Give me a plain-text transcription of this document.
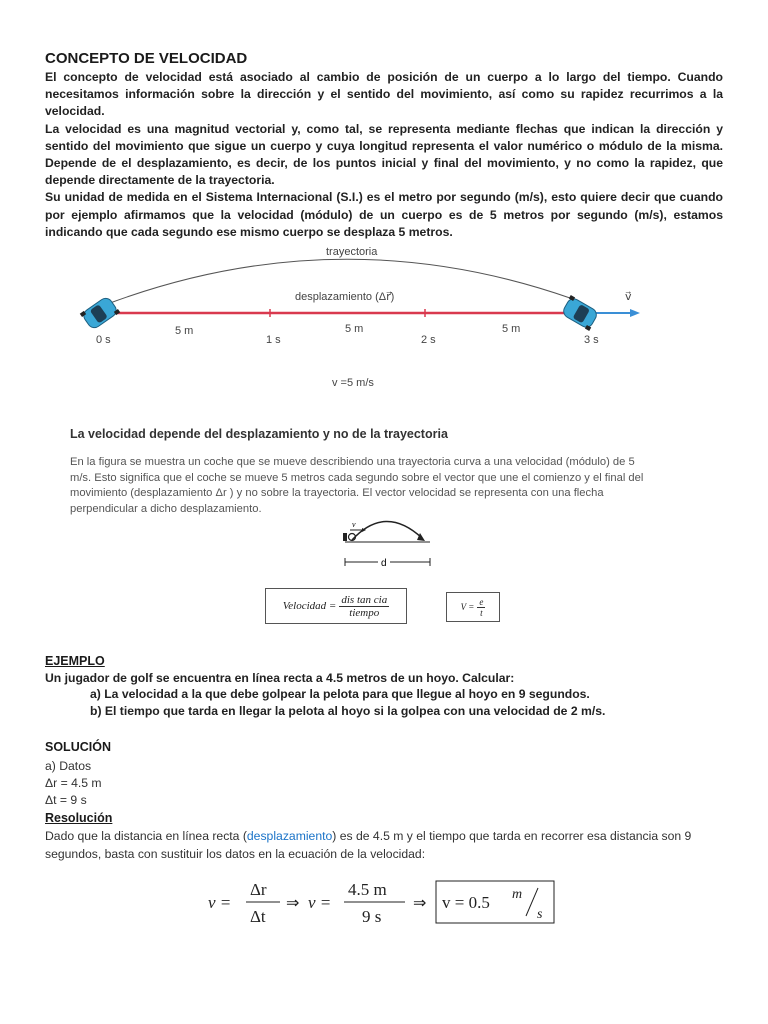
CONCEPTO DE VELOCIDAD

El concepto de velocidad está asociado al cambio de posición de un cuerpo a lo largo del tiempo. Cuando necesitamos información sobre la dirección y el sentido del movimiento, así como su rapidez recurrimos a la velocidad.

La velocidad es una magnitud vectorial y, como tal, se representa mediante flechas que indican la dirección y sentido del movimiento que sigue un cuerpo y cuya longitud representa el valor numérico o módulo de la misma. Depende de el desplazamiento, es decir, de los puntos inicial y final del movimiento, y no como la rapidez, que depende directamente de la trayectoria.

Su unidad de medida en el Sistema Internacional (S.I.) es el metro por segundo (m/s), esto quiere decir que cuando por ejemplo afirmamos que la velocidad (módulo) de un cuerpo es de 5 metros por segundo (m/s), estamos indicando que cada segundo ese mismo cuerpo se desplaza 5 metros.

trayectoria
desplazamiento (Δr⃗)	v⃗
5 m	5 m	5 m
0 s	1 s	2 s	3 s
v =5 m/s
La velocidad depende del desplazamiento y no de la trayectoria

En la figura se muestra un coche que se mueve describiendo una trayectoria curva a una velocidad (módulo) de 5 m/s. Esto significa que el coche se mueve 5 metros cada segundo sobre el vector que une el comienzo y el final del movimiento (desplazamiento Δr ) y no sobre la trayectoria. El vector velocidad se representa con una flecha perpendicular a dicho desplazamiento.

v
d
Velocidad = $\frac{\text{dis tan cia}}{\text{tiempo}}$	$V = \frac{e}{t}$
EJEMPLO

Un jugador de golf se encuentra en línea recta a 4.5 metros de un hoyo. Calcular:

a) La velocidad a la que debe golpear la pelota para que llegue al hoyo en 9 segundos.

b) El tiempo que tarda en llegar la pelota al hoyo si la golpea con una velocidad de 2 m/s.

SOLUCIÓN

a) Datos

Δr = 4.5 m

Δt = 9 s

Resolución

Dado que la distancia en línea recta (desplazamiento) es de 4.5 m y el tiempo que tarda en recorrer esa distancia son 9 segundos, basta con sustituir los datos en la ecuación de la velocidad:

v =
Δr
Δt
⇒ v =
4.5 m
9 s
⇒ v = 0.5 m
s
